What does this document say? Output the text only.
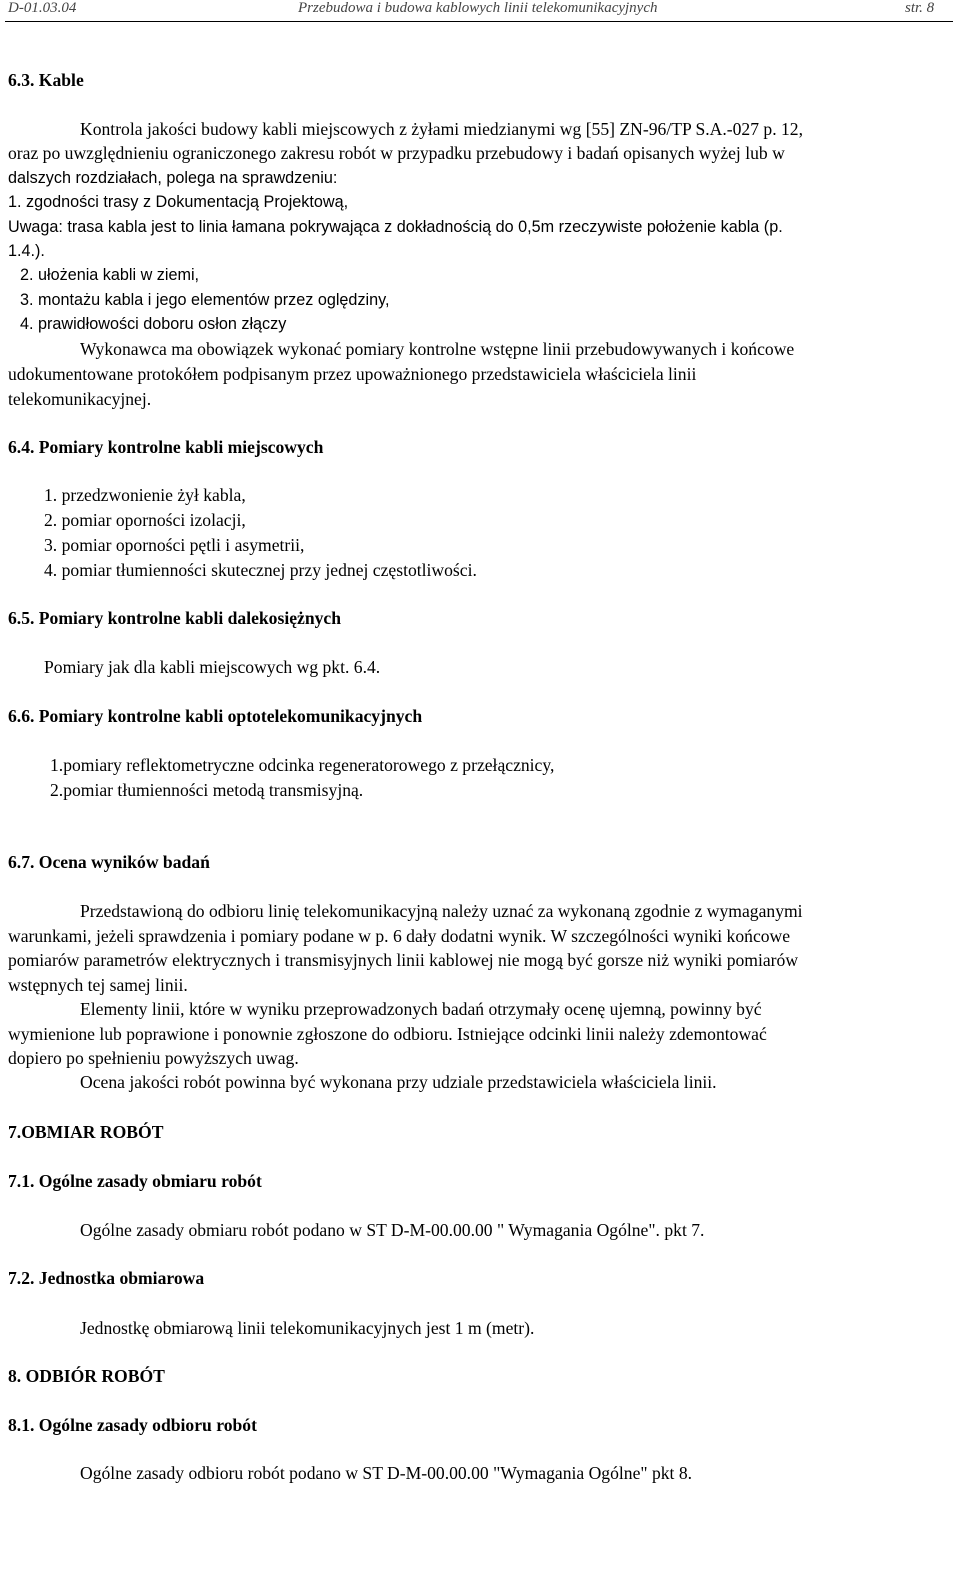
D-01.03.04	Przebudowa i budowa kablowych linii telekomunikacyjnych	str. 8
6.3. Kable
Kontrola jakości budowy kabli miejscowych z żyłami miedzianymi wg [55] ZN-96/TP S.A.-027 p. 12,
oraz po uwzględnieniu ograniczonego zakresu robót w przypadku przebudowy i badań opisanych wyżej lub w
dalszych rozdziałach, polega na sprawdzeniu:
1. zgodności trasy z Dokumentacją Projektową,
Uwaga: trasa kabla jest to linia łamana pokrywająca z dokładnością do 0,5m rzeczywiste położenie kabla (p.
1.4.).
2. ułożenia kabli w ziemi,
3. montażu kabla i jego elementów przez oględziny,
4. prawidłowości doboru osłon złączy
Wykonawca ma obowiązek wykonać pomiary kontrolne wstępne linii przebudowywanych i końcowe
udokumentowane protokółem podpisanym przez upoważnionego przedstawiciela właściciela linii
telekomunikacyjnej.
6.4. Pomiary kontrolne kabli miejscowych
1. przedzwonienie żył kabla,
2. pomiar oporności izolacji,
3. pomiar oporności pętli i asymetrii,
4. pomiar tłumienności skutecznej przy jednej częstotliwości.
6.5. Pomiary kontrolne kabli dalekosiężnych
Pomiary jak dla kabli miejscowych wg pkt. 6.4.
6.6. Pomiary kontrolne kabli optotelekomunikacyjnych
1.pomiary reflektometryczne odcinka regeneratorowego z przełącznicy,
2.pomiar tłumienności metodą transmisyjną.
6.7. Ocena wyników badań
Przedstawioną do odbioru linię telekomunikacyjną należy uznać za wykonaną zgodnie z wymaganymi
warunkami, jeżeli sprawdzenia i pomiary podane w p. 6 dały dodatni wynik. W szczególności wyniki końcowe
pomiarów parametrów elektrycznych i transmisyjnych linii kablowej nie mogą być gorsze niż wyniki pomiarów
wstępnych tej samej linii.
Elementy linii, które w wyniku przeprowadzonych badań otrzymały ocenę ujemną, powinny być
wymienione lub poprawione i ponownie zgłoszone do odbioru. Istniejące odcinki linii należy zdemontować
dopiero po spełnieniu powyższych uwag.
Ocena jakości robót powinna być wykonana przy udziale przedstawiciela właściciela linii.
7.OBMIAR ROBÓT
7.1. Ogólne zasady obmiaru robót
Ogólne zasady obmiaru robót podano w ST D-M-00.00.00 " Wymagania Ogólne". pkt 7.
7.2. Jednostka obmiarowa
Jednostkę obmiarową linii telekomunikacyjnych jest 1 m (metr).
8. ODBIÓR ROBÓT
8.1. Ogólne zasady odbioru robót
Ogólne zasady odbioru robót podano w ST D-M-00.00.00 "Wymagania Ogólne" pkt 8.
